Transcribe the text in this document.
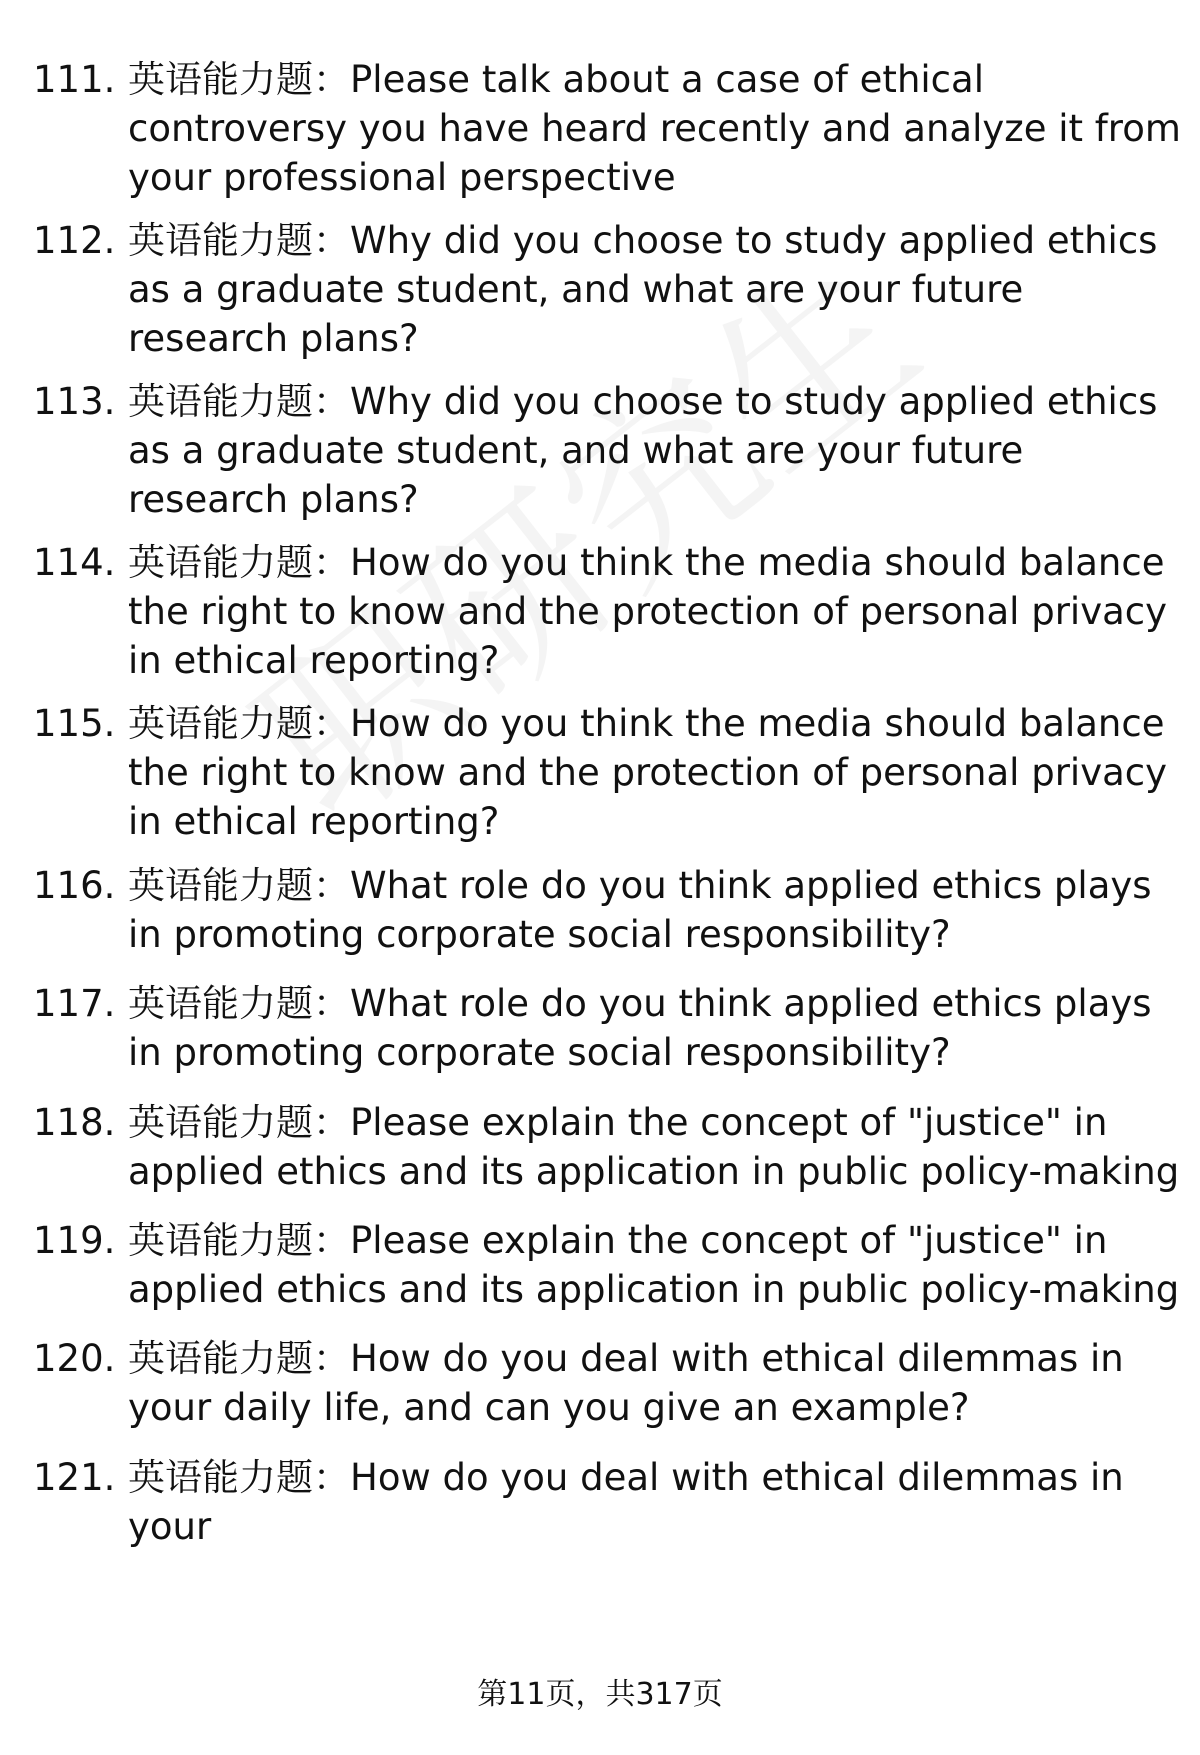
111. 英语能力题：Please talk about a case of ethical controversy you have heard recently and analyze it from your professional perspective
112. 英语能力题：Why did you choose to study applied ethics as a graduate student, and what are your future research plans?
113. 英语能力题：Why did you choose to study applied ethics as a graduate student, and what are your future research plans?
114. 英语能力题：How do you think the media should balance the right to know and the protection of personal privacy in ethical reporting?
115. 英语能力题：How do you think the media should balance the right to know and the protection of personal privacy in ethical reporting?
116. 英语能力题：What role do you think applied ethics plays in promoting corporate social responsibility?
117. 英语能力题：What role do you think applied ethics plays in promoting corporate social responsibility?
118. 英语能力题：Please explain the concept of "justice" in applied ethics and its application in public policy-making
119. 英语能力题：Please explain the concept of "justice" in applied ethics and its application in public policy-making
120. 英语能力题：How do you deal with ethical dilemmas in your daily life, and can you give an example?
121. 英语能力题：How do you deal with ethical dilemmas in your
第11页，共317页
